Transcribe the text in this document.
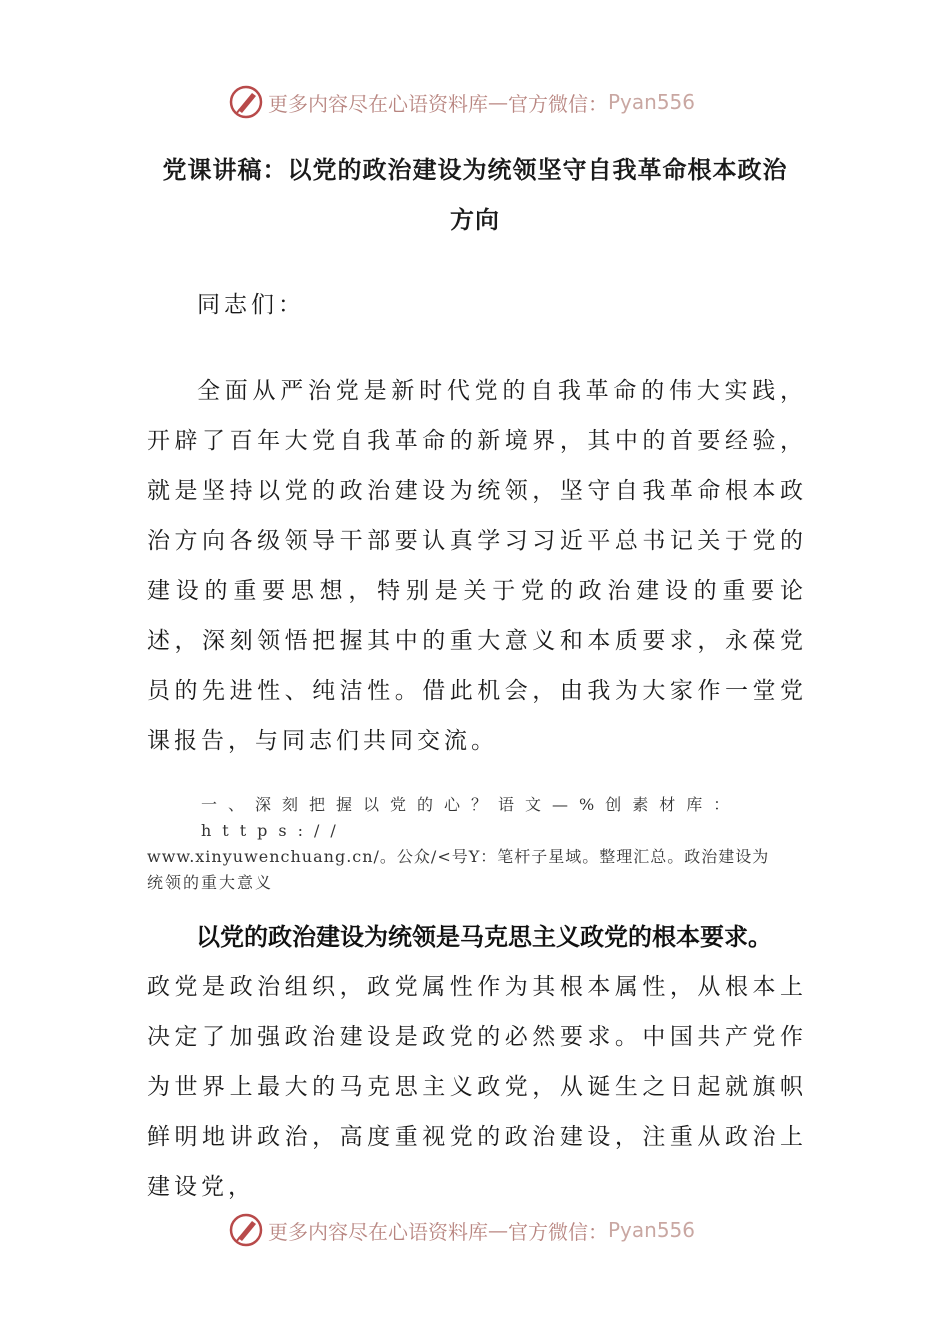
更多内容尽在心语资料库 — 官方微信： Pyan556
党课讲稿：以党的政治建设为统领坚守自我革命根本政治
方向
同志们：
全面从严治党是新时代党的自我革命的伟大实践，开辟了百年大党自我革命的新境界，其中的首要经验，就是坚持以党的政治建设为统领，坚守自我革命根本政治方向各级领导干部要认真学习习近平总书记关于党的建设的重要思想，特别是关于党的政治建设的重要论述，深刻领悟把握其中的重大意义和本质要求，永葆党员的先进性、纯洁性。借此机会，由我为大家作一堂党课报告，与同志们共同交流。
一、深刻把握以党的心？语文—%创素材库：https://
www.xinyuwenchuang.cn/。公众/<号Y：笔杆子星域。整理汇总。政治建设为
统领的重大意义
以党的政治建设为统领是马克思主义政党的根本要求。
政党是政治组织，政党属性作为其根本属性，从根本上决定了加强政治建设是政党的必然要求。中国共产党作为世界上最大的马克思主义政党，从诞生之日起就旗帜鲜明地讲政治，高度重视党的政治建设，注重从政治上建设党，
更多内容尽在心语资料库 — 官方微信： Pyan556
